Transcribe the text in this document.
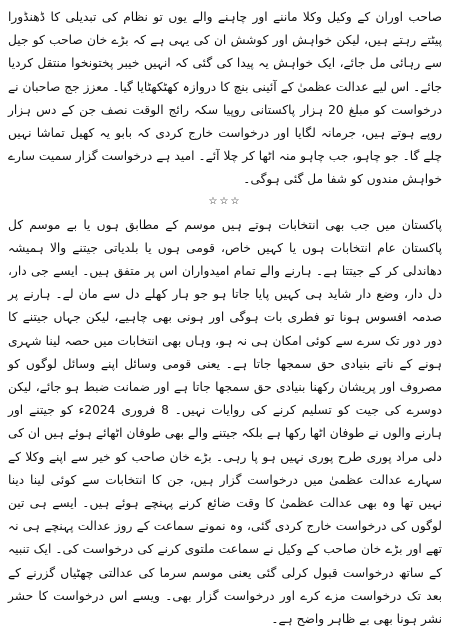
صاحب اوران کے وکیل وکلا ماننے اور چاہنے والے یوں تو نظام کی تبدیلی کا ڈھنڈورا پیٹتے رہتے ہیں، لیکن خواہش اور کوشش ان کی یہی ہے کہ بڑے خان صاحب کو جیل سے رہائی مل جائے، ایک خواہش یہ پیدا کی گئی کہ انہیں خیبر پختونخوا منتقل کردیا جائے۔ اس لیے عدالت عظمیٰ کے آئینی بنچ کا دروازہ کھٹکھٹایا گیا۔ معزز جج صاحبان نے درخواست کو مبلغ 20 ہزار پاکستانی روپیا سکہ رائج الوقت نصف جن کے دس ہزار روپے ہوتے ہیں، جرمانہ لگایا اور درخواست خارج کردی کہ بابو یہ کھیل تماشا نہیں چلے گا۔ جو چاہو، جب چاہو منہ اٹھا کر چلا آئے۔ امید ہے درخواست گزار سمیت سارے خواہش مندوں کو شفا مل گئی ہوگی۔

☆☆☆

پاکستان میں جب بھی انتخابات ہوتے ہیں موسم کے مطابق ہوں یا بے موسم کل پاکستان عام انتخابات ہوں یا کہیں خاص، قومی ہوں یا بلدیاتی جیتنے والا ہمیشہ دھاندلی کر کے جیتتا ہے۔ ہارنے والے تمام امیدواران اس پر متفق ہیں۔ ایسے جی دار، دل دار، وضع دار شاید ہی کہیں پایا جاتا ہو جو ہار کھلے دل سے مان لے۔ ہارنے پر صدمہ افسوس ہونا تو فطری بات ہوگی اور ہونی بھی چاہیے، لیکن جہاں جیتنے کا دور دور تک سرے سے کوئی امکان ہی نہ ہو، وہاں بھی انتخابات میں حصہ لینا شہری ہونے کے ناتے بنیادی حق سمجھا جاتا ہے۔ یعنی قومی وسائل اپنے وسائل لوگوں کو مصروف اور پریشان رکھنا بنیادی حق سمجھا جاتا ہے اور ضمانت ضبط ہو جائے، لیکن دوسرے کی جیت کو تسلیم کرنے کی روایات نہیں۔ 8 فروری 2024ء کو جیتنے اور ہارنے والوں نے طوفان اٹھا رکھا ہے بلکہ جیتنے والے بھی طوفان اٹھائے ہوئے ہیں ان کی دلی مراد پوری طرح پوری نہیں ہو پا رہی۔ بڑے خان صاحب کو خیر سے اپنے وکلا کے سہارے عدالت عظمیٰ میں درخواست گزار ہیں، جن کا انتخابات سے کوئی لینا دینا نہیں تھا وہ بھی عدالت عظمیٰ کا وقت ضائع کرنے پہنچے ہوئے ہیں۔ ایسے ہی تین لوگوں کی درخواست خارج کردی گئی، وہ نمونے سماعت کے روز عدالت پہنچے ہی نہ تھے اور بڑے خان صاحب کے وکیل نے سماعت ملتوی کرنے کی درخواست کی۔ ایک تنبیہ کے ساتھ درخواست قبول کرلی گئی یعنی موسم سرما کی عدالتی چھٹیاں گزرنے کے بعد تک درخواست مزے کرے اور درخواست گزار بھی۔ ویسے اس درخواست کا حشر نشر ہونا بھی بے ظاہر واضح ہے۔
